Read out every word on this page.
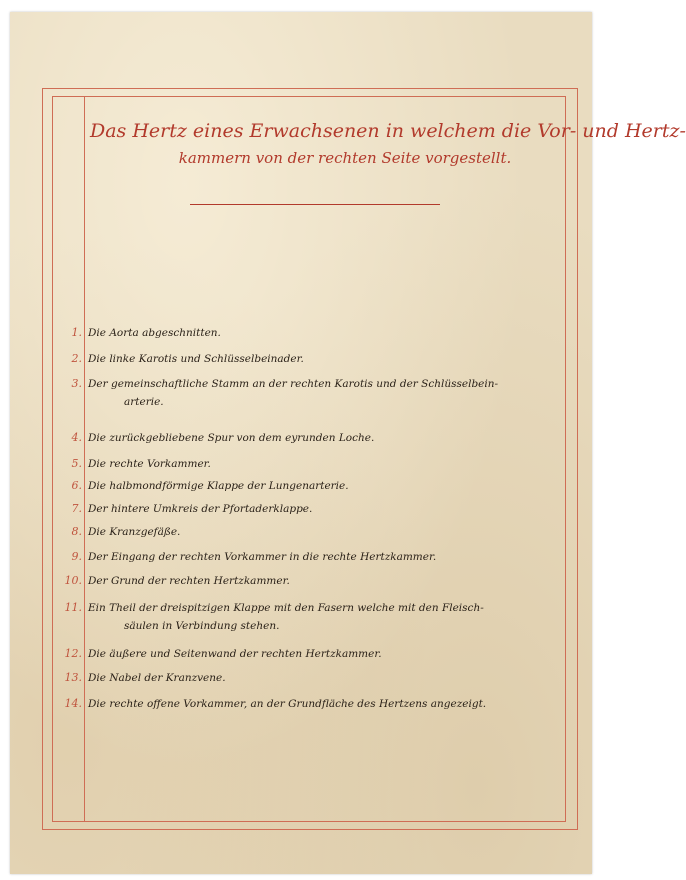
Das Hertz eines Erwachsenen in welchem die Vor- und Hertz-
kammern von der rechten Seite vorgestellt.
1. Die Aorta abgeschnitten.
2. Die linke Karotis und Schlüsselbeinader.
3. Der gemeinschaftliche Stamm an der rechten Karotis und der Schlüsselbein-
arterie.
4. Die zurückgebliebene Spur von dem eyrunden Loche.
5. Die rechte Vorkammer.
6. Die halbmondförmige Klappe der Lungenarterie.
7. Der hintere Umkreis der Pfortaderklappe.
8. Die Kranzgefäße.
9. Der Eingang der rechten Vorkammer in die rechte Hertzkammer.
10. Der Grund der rechten Hertzkammer.
11. Ein Theil der dreispitzigen Klappe mit den Fasern welche mit den Fleisch-
säulen in Verbindung stehen.
12. Die äußere und Seitenwand der rechten Hertzkammer.
13. Die Nabel der Kranzvene.
14. Die rechte offene Vorkammer, an der Grundfläche des Hertzens angezeigt.
